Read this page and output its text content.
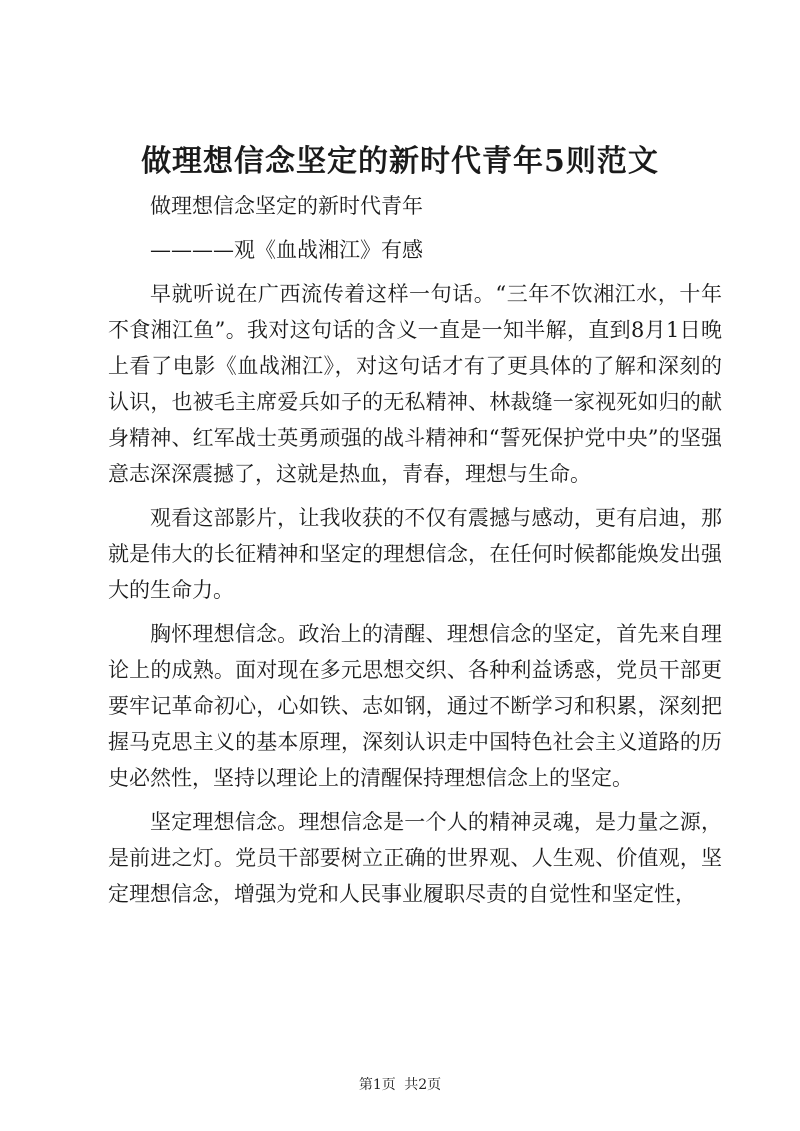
做理想信念坚定的新时代青年5则范文

做理想信念坚定的新时代青年

————观《血战湘江》有感

早就听说在广西流传着这样一句话。“三年不饮湘江水，十年不食湘江鱼”。我对这句话的含义一直是一知半解，直到8月1日晚上看了电影《血战湘江》，对这句话才有了更具体的了解和深刻的认识，也被毛主席爱兵如子的无私精神、林裁缝一家视死如归的献身精神、红军战士英勇顽强的战斗精神和“誓死保护党中央”的坚强意志深深震撼了，这就是热血，青春，理想与生命。

观看这部影片，让我收获的不仅有震撼与感动，更有启迪，那就是伟大的长征精神和坚定的理想信念，在任何时候都能焕发出强大的生命力。

胸怀理想信念。政治上的清醒、理想信念的坚定，首先来自理论上的成熟。面对现在多元思想交织、各种利益诱惑，党员干部更要牢记革命初心，心如铁、志如钢，通过不断学习和积累，深刻把握马克思主义的基本原理，深刻认识走中国特色社会主义道路的历史必然性，坚持以理论上的清醒保持理想信念上的坚定。

坚定理想信念。理想信念是一个人的精神灵魂，是力量之源，是前进之灯。党员干部要树立正确的世界观、人生观、价值观，坚定理想信念，增强为党和人民事业履职尽责的自觉性和坚定性，

第1页 共2页
